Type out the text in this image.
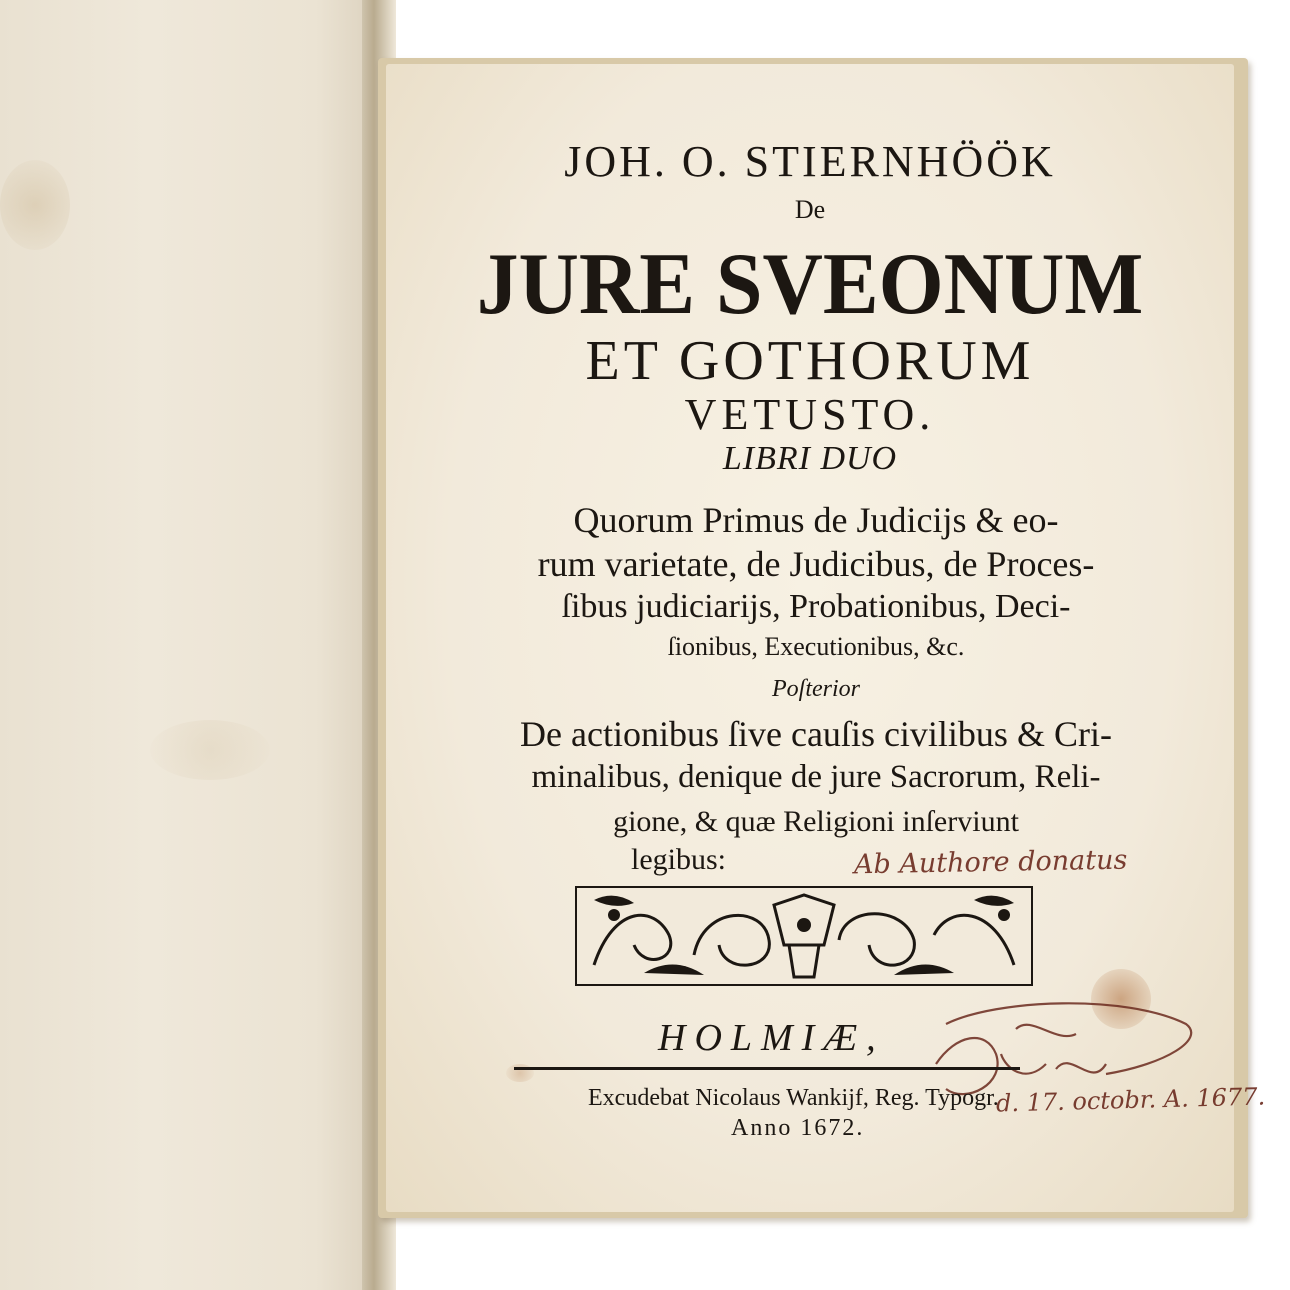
JOH. O. STIERNHÖÖK

De

JURE SVEONUM

ET GOTHORUM

VETUSTO.

LIBRI DUO

Quorum Primus de Judicijs & eo-

rum varietate, de Judicibus, de Proces-

ſibus judiciarijs, Probationibus, Deci-

ſionibus, Executionibus, &c.

Poſterior

De actionibus ſive cauſis civilibus & Cri-

minalibus, denique de jure Sacrorum, Reli-

gione, & quæ Religioni inſerviunt

legibus:	Ab Authore donatus

HOLMIÆ,

Excudebat Nicolaus Wankijf, Reg. Typogr.

Anno 1672.

d. 17. octobr. A. 1677.
